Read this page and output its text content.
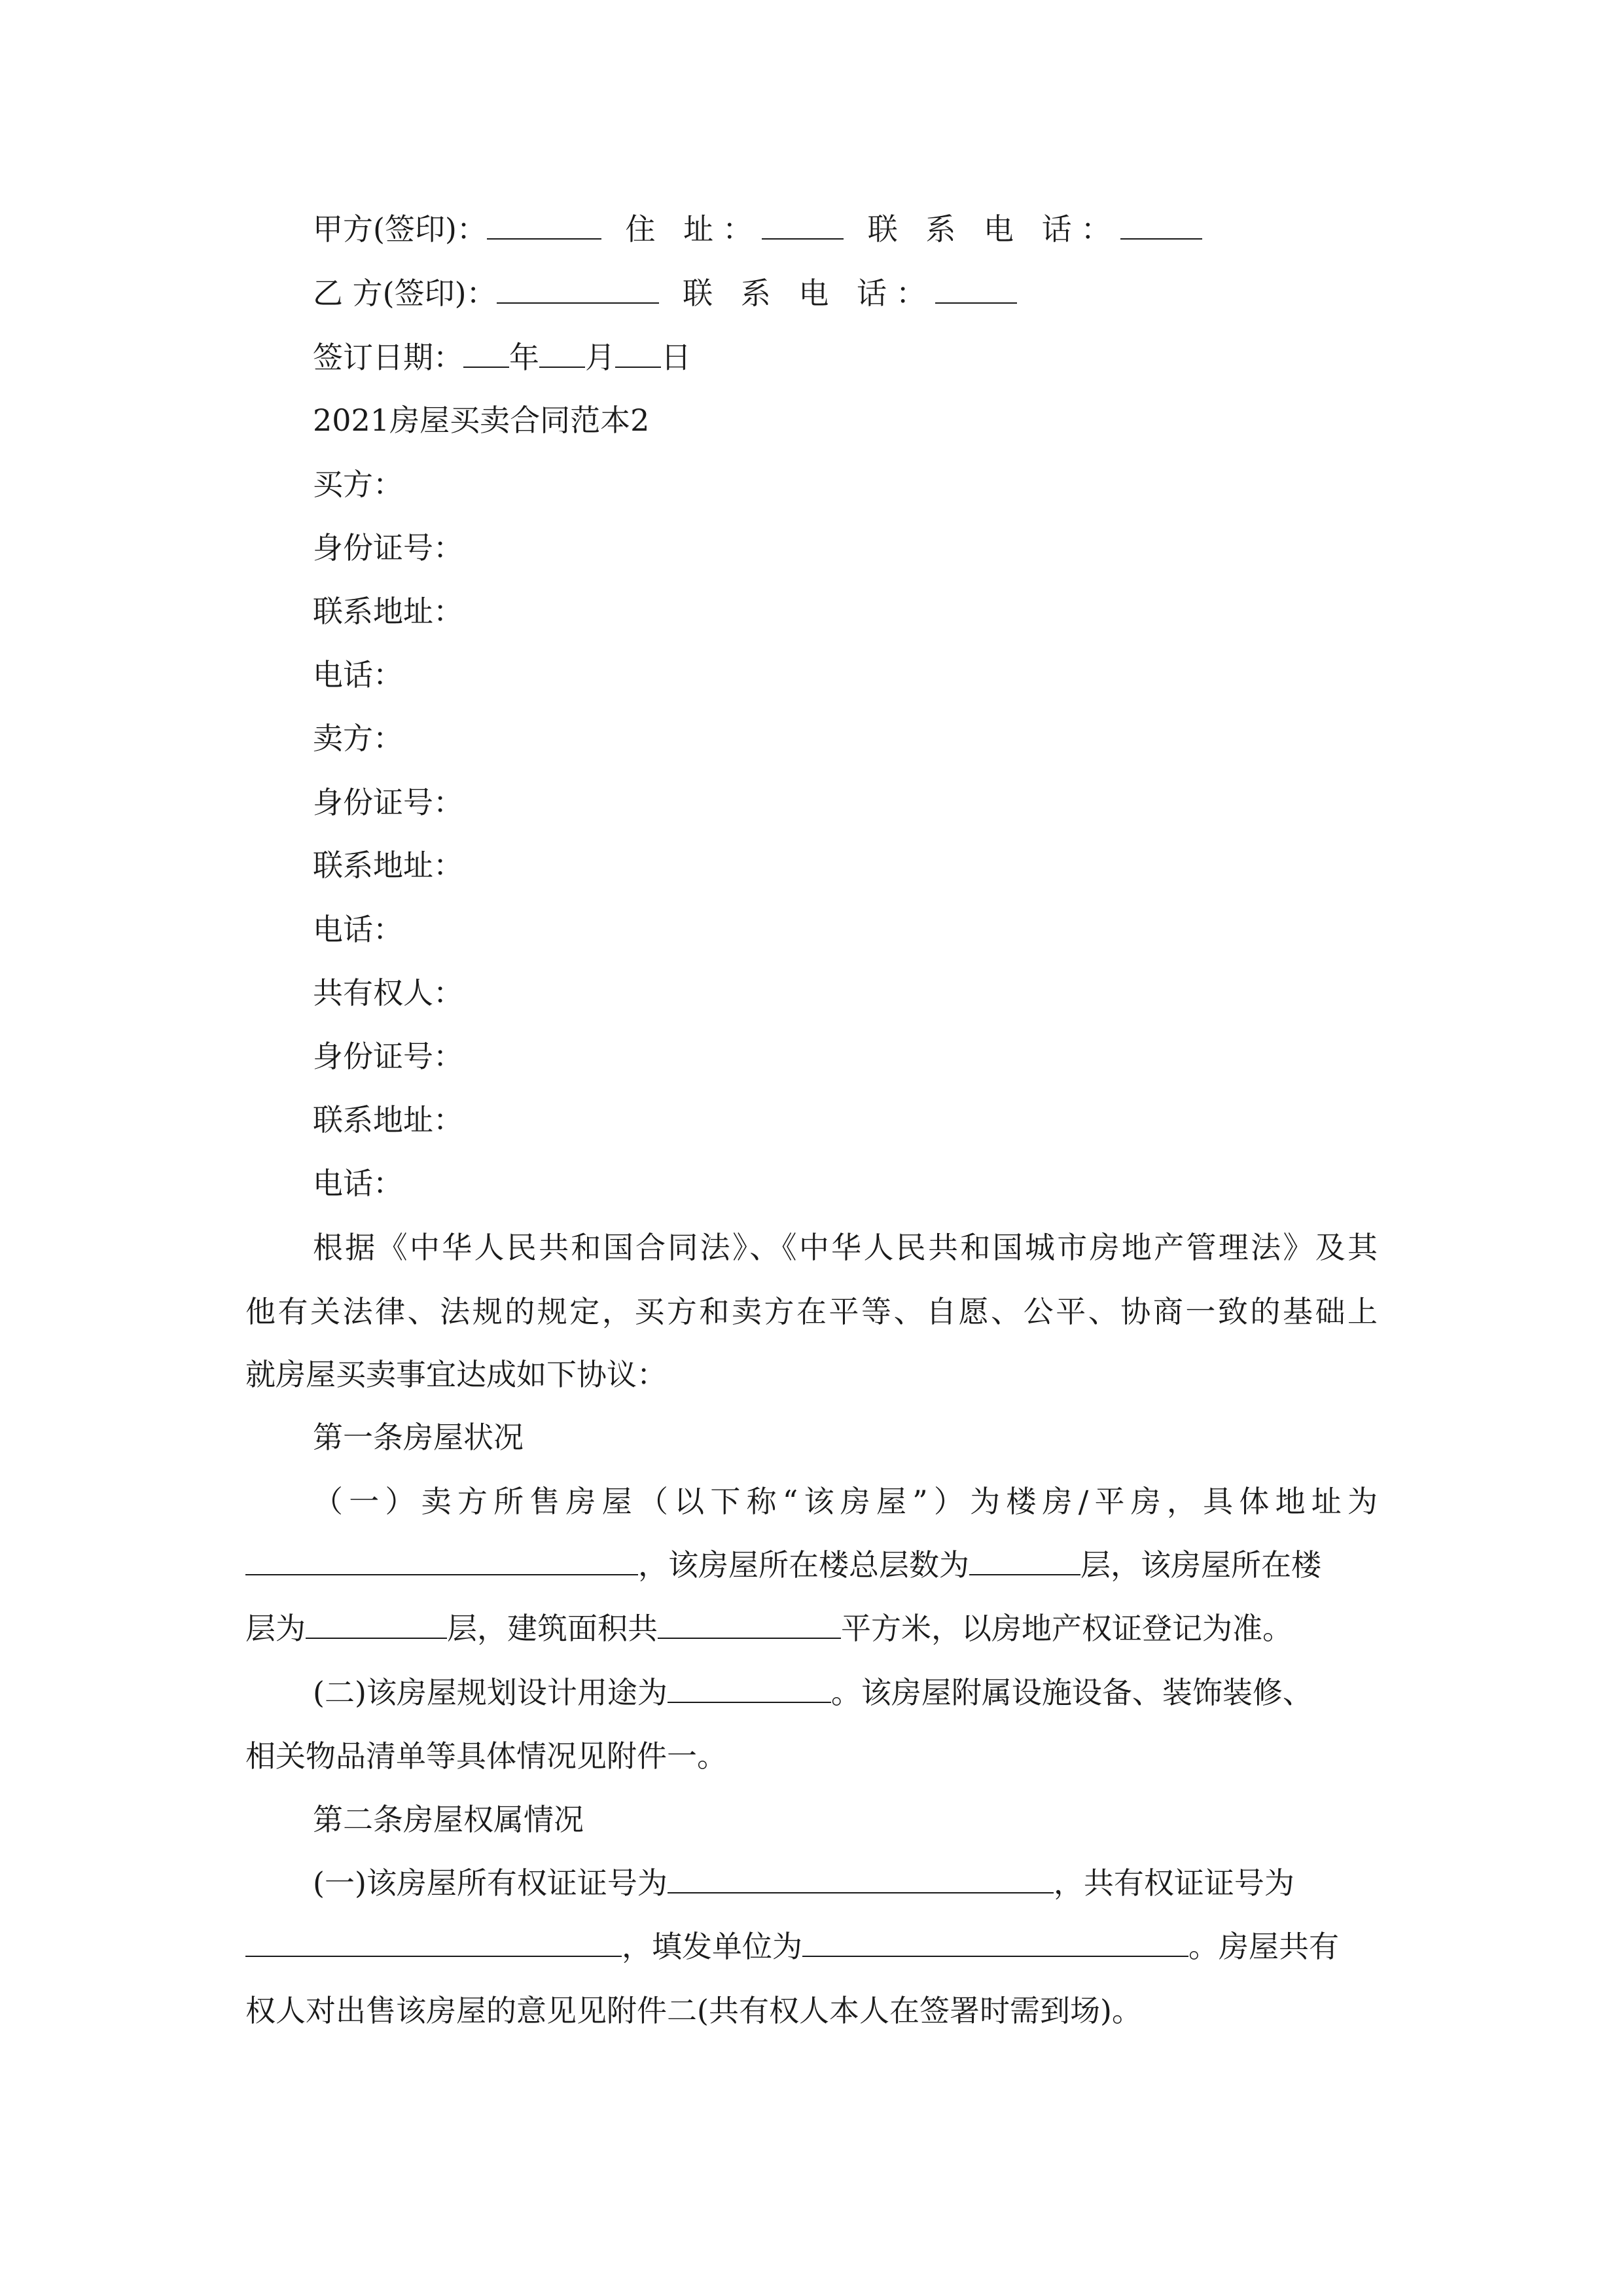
甲方(签印)：	住 址：	联 系 电 话：
乙 方(签印)：	联 系 电 话：
签订日期： 年 月 日
2021房屋买卖合同范本2
买方：
身份证号：
联系地址：
电话：
卖方：
身份证号：
联系地址：
电话：
共有权人：
身份证号：
联系地址：
电话：
根据《中华人民共和国合同法》、《中华人民共和国城市房地产管理法》及其
他有关法律、法规的规定，买方和卖方在平等、自愿、公平、协商一致的基础上
就房屋买卖事宜达成如下协议：
第一条房屋状况
（一）卖方所售房屋（以下称“该房屋”）为楼房/平房，具体地址为
，该房屋所在楼总层数为	层，该房屋所在楼
层为	层，建筑面积共	平方米，以房地产权证登记为准。
(二)该房屋规划设计用途为	。该房屋附属设施设备、装饰装修、
相关物品清单等具体情况见附件一。
第二条房屋权属情况
(一)该房屋所有权证证号为	，共有权证证号为
，填发单位为	。房屋共有
权人对出售该房屋的意见见附件二(共有权人本人在签署时需到场)。
